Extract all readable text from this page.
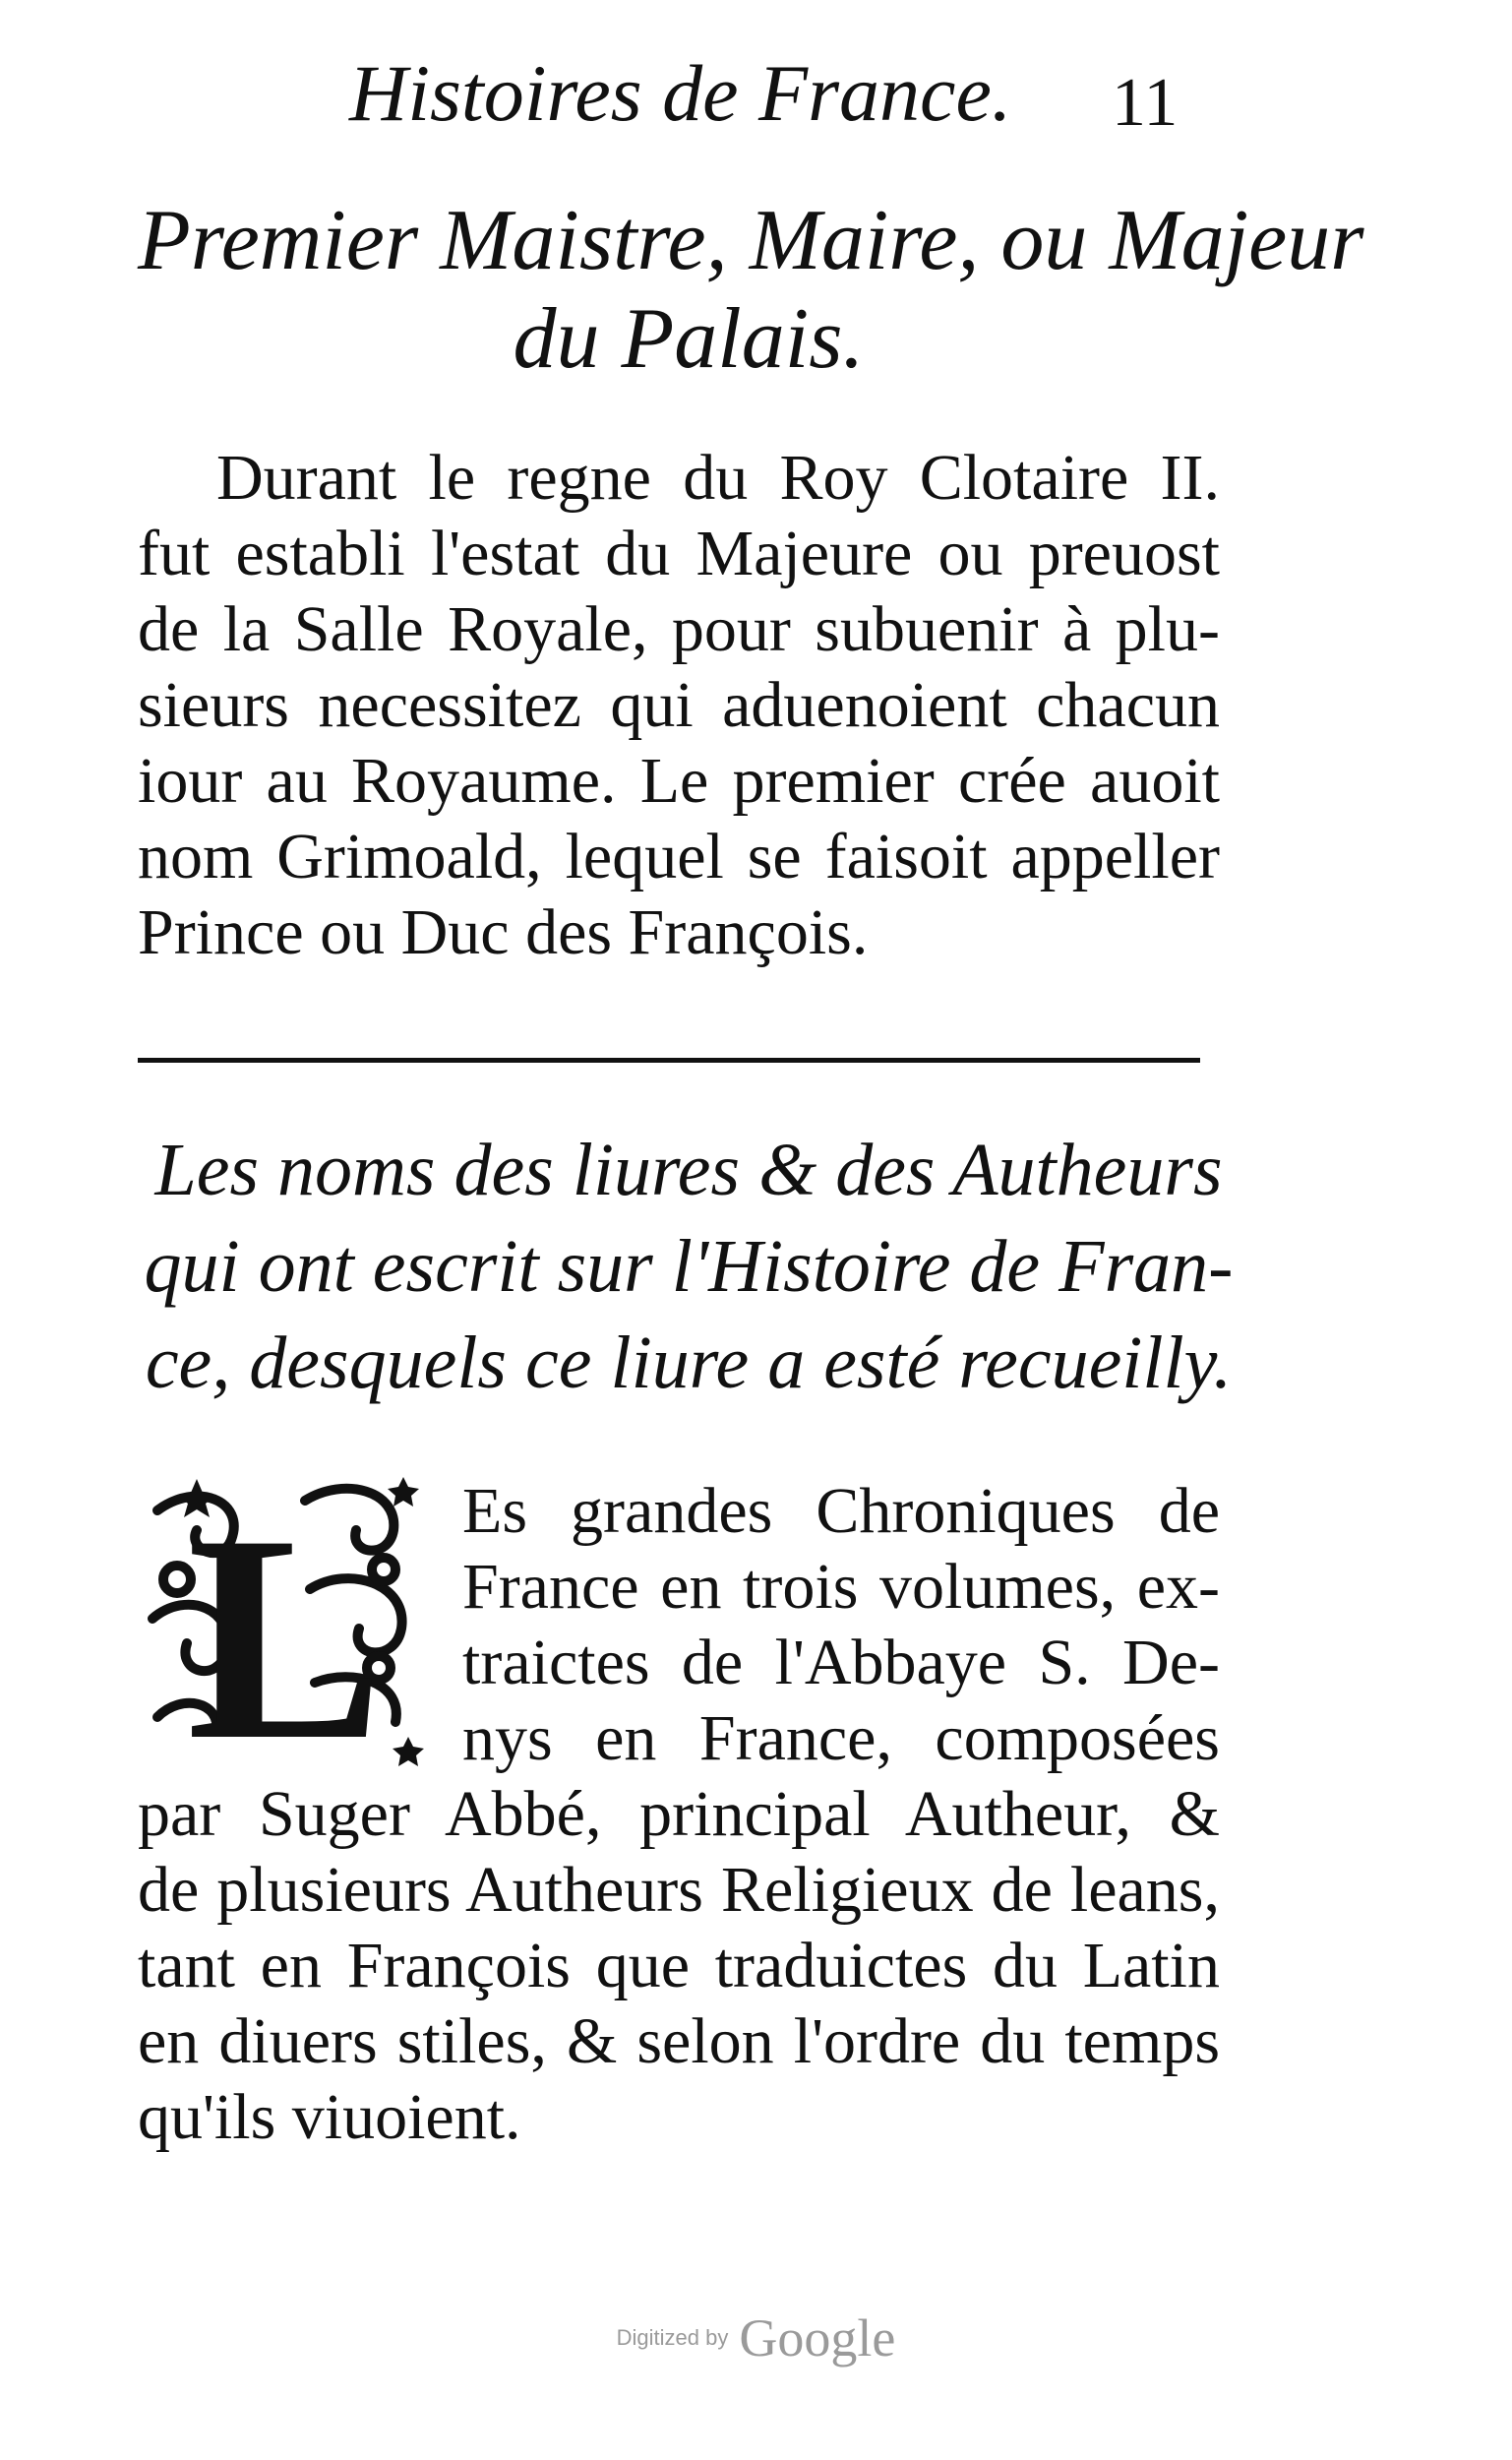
Histoires de France. 11
Premier Maistre, Maire, ou Majeur
du Palais.
Durant le regne du Roy Clotaire II.
fut establi l'estat du Majeure ou preuost
de la Salle Royale, pour subuenir à plu-
sieurs necessitez qui aduenoient chacun
iour au Royaume. Le premier crée auoit
nom Grimoald, lequel se faisoit appeller
Prince ou Duc des François.
Les noms des liures & des Autheurs
qui ont escrit sur l'Histoire de Fran-
ce, desquels ce liure a esté recueilly.
L	Es grandes Chroniques de
France en trois volumes, ex-
traictes de l'Abbaye S. De-
nys en France, composées
par Suger Abbé, principal Autheur, &
de plusieurs Autheurs Religieux de leans,
tant en François que traduictes du Latin
en diuers stiles, & selon l'ordre du temps
qu'ils viuoient.
Digitized by Google
